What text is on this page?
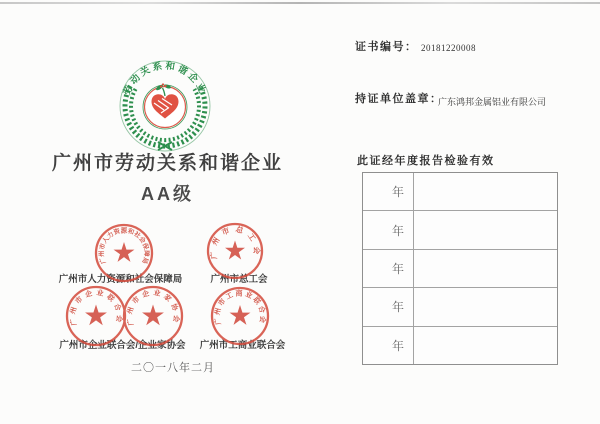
劳动关系和谐企业
广州市劳动关系和谐企业
AA级
广州市人力资源和社会保障局	广州市总工会
广州市企业联合会/企业家协会	广州市工商业联合会
广州市人力资源和社会保障局
广州市总工会
广州市企业联合会 广州市企业家协会	广州市工商业联合会
二〇一八年二月
证书编号： 20181220008
持证单位盖章：
广东鸿邦金属铝业有限公司
此证经年度报告检验有效
年
年
年
年
年
